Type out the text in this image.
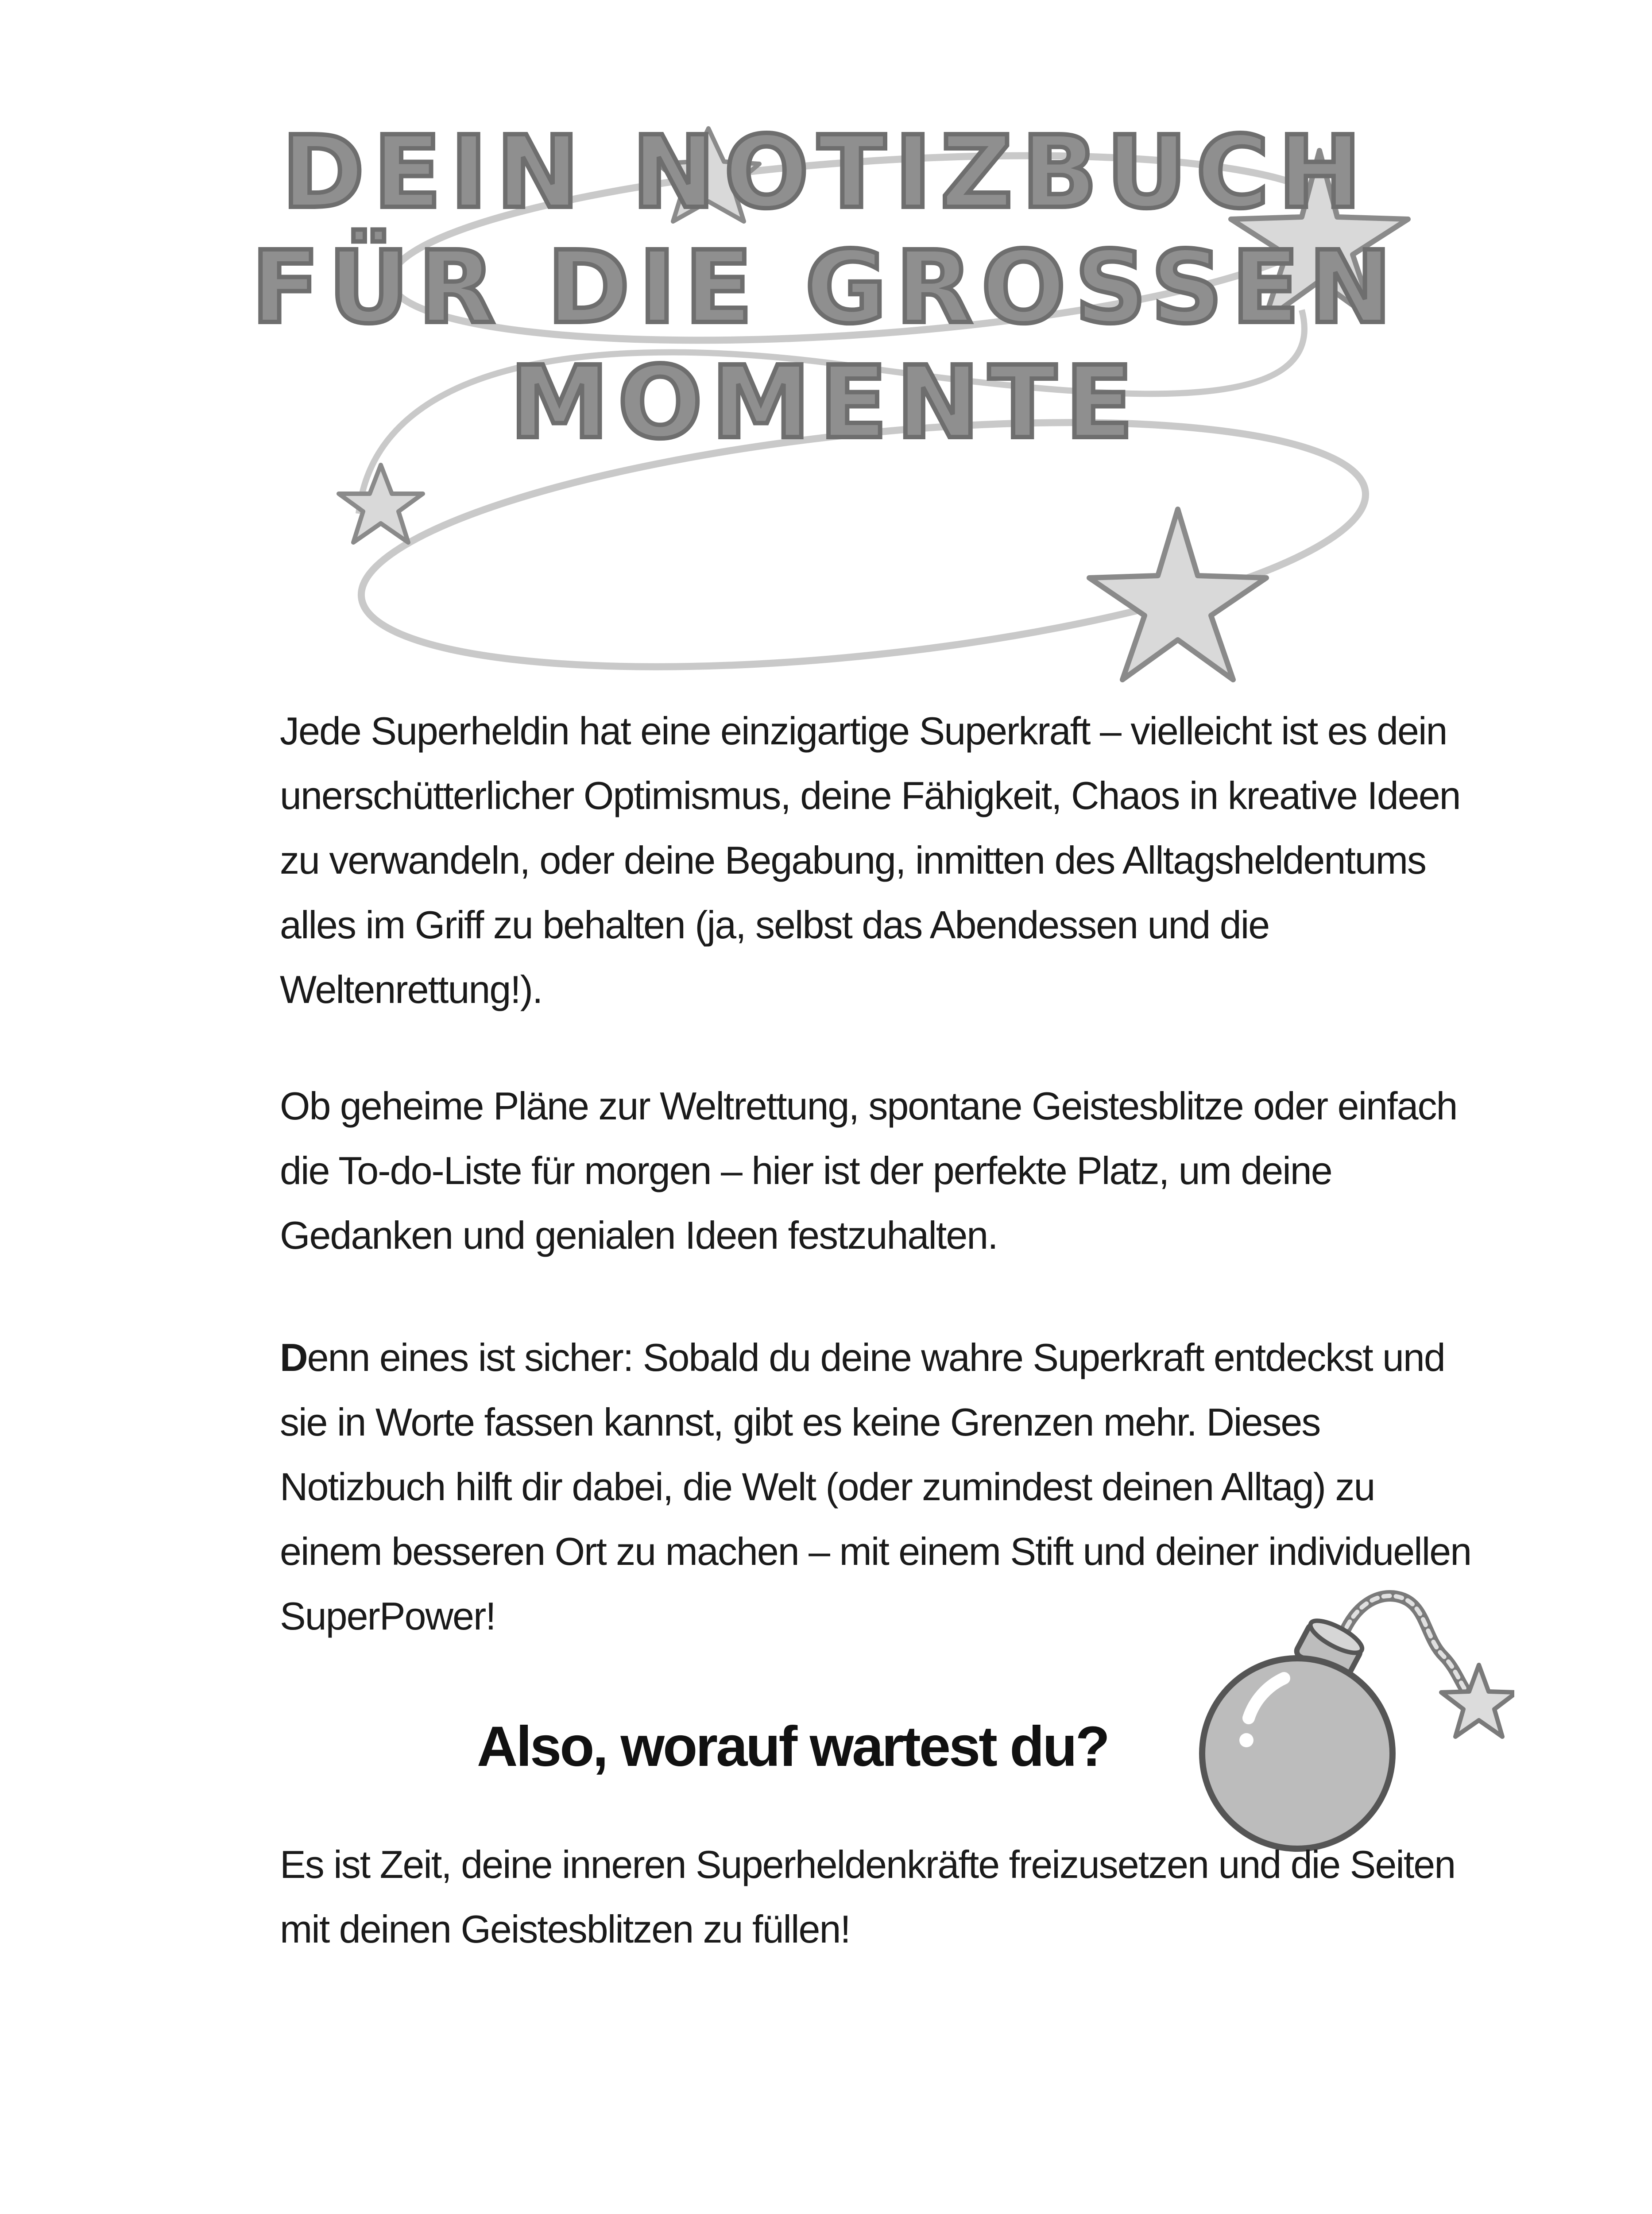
DEIN NOTIZBUCH
FÜR DIE GROSSEN
MOMENTE

Jede Superheldin hat eine einzigartige Superkraft – vielleicht ist es dein unerschütterlicher Optimismus, deine Fähigkeit, Chaos in kreative Ideen zu verwandeln, oder deine Begabung, inmitten des Alltagsheldentums alles im Griff zu behalten (ja, selbst das Abendessen und die Weltenrettung!).

Ob geheime Pläne zur Weltrettung, spontane Geistesblitze oder einfach die To-do-Liste für morgen – hier ist der perfekte Platz, um deine Gedanken und genialen Ideen festzuhalten.

Denn eines ist sicher: Sobald du deine wahre Superkraft entdeckst und sie in Worte fassen kannst, gibt es keine Grenzen mehr. Dieses Notizbuch hilft dir dabei, die Welt (oder zumindest deinen Alltag) zu einem besseren Ort zu machen – mit einem Stift und deiner individuellen SuperPower!

Also, worauf wartest du?

Es ist Zeit, deine inneren Superheldenkräfte freizusetzen und die Seiten mit deinen Geistesblitzen zu füllen!
